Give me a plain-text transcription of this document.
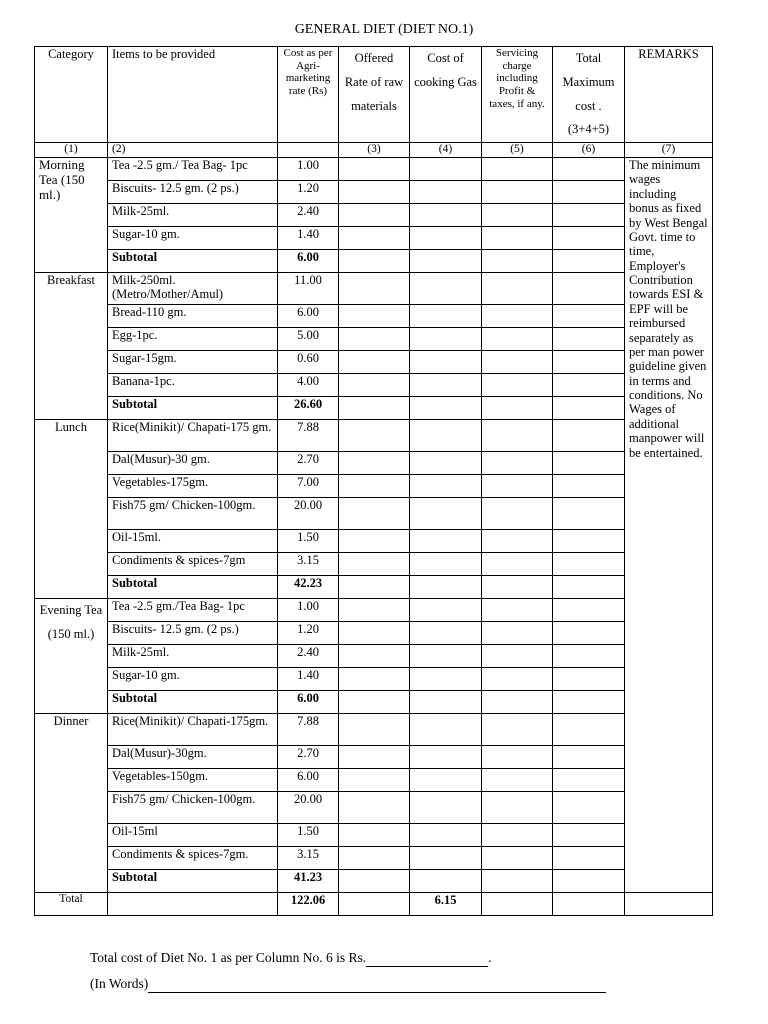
GENERAL DIET (DIET NO.1)
Category	Items to be provided	Cost as per Agri-marketing rate (Rs)	Offered Rate of raw materials	Cost of cooking Gas	Servicing charge including Profit & taxes, if any.	Total Maximum cost . (3+4+5)	REMARKS
(1)	(2)		(3)	(4)	(5)	(6)	(7)
Morning Tea (150 ml.)	Tea -2.5 gm./ Tea Bag- 1pc	1.00					The minimum wages including bonus as fixed by West Bengal Govt. time to time, Employer's Contribution towards ESI & EPF will be reimbursed separately as per man power guideline given in terms and conditions. No Wages of additional manpower will be entertained.
	Biscuits- 12.5 gm. (2 ps.)	1.20					
	Milk-25ml.	2.40					
	Sugar-10 gm.	1.40					
	Subtotal	6.00					
Breakfast	Milk-250ml. (Metro/Mother/Amul)	11.00					
	Bread-110 gm.	6.00					
	Egg-1pc.	5.00					
	Sugar-15gm.	0.60					
	Banana-1pc.	4.00					
	Subtotal	26.60					
Lunch	Rice(Minikit)/ Chapati-175 gm.	7.88					
	Dal(Musur)-30 gm.	2.70					
	Vegetables-175gm.	7.00					
	Fish75 gm/ Chicken-100gm.	20.00					
	Oil-15ml.	1.50					
	Condiments & spices-7gm	3.15					
	Subtotal	42.23					
Evening Tea (150 ml.)	Tea -2.5 gm./Tea Bag- 1pc	1.00					
	Biscuits- 12.5 gm. (2 ps.)	1.20					
	Milk-25ml.	2.40					
	Sugar-10 gm.	1.40					
	Subtotal	6.00					
Dinner	Rice(Minikit)/ Chapati-175gm.	7.88					
	Dal(Musur)-30gm.	2.70					
	Vegetables-150gm.	6.00					
	Fish75 gm/ Chicken-100gm.	20.00					
	Oil-15ml	1.50					
	Condiments & spices-7gm.	3.15					
	Subtotal	41.23					
Total		122.06		6.15			
Total cost of Diet No. 1 as per Column No. 6 is Rs.	.
(In Words)
